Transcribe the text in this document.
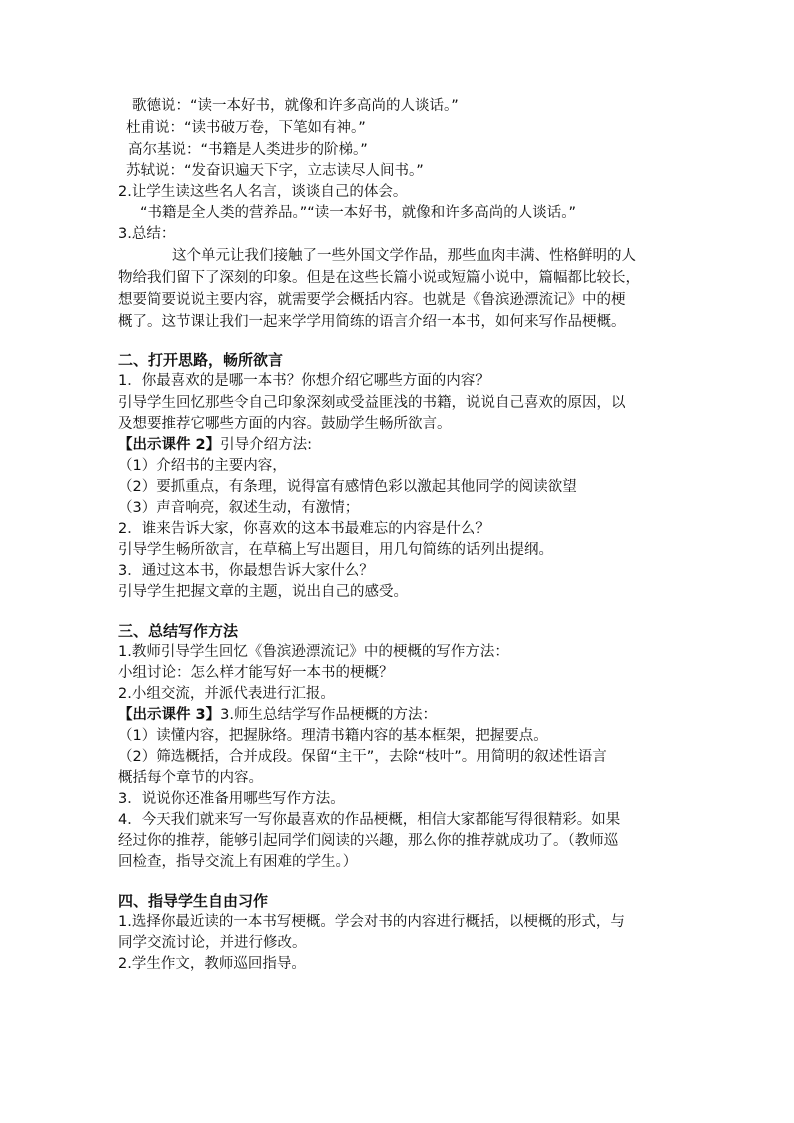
歌德说：“读一本好书，就像和许多高尚的人谈话。”

杜甫说：“读书破万卷，下笔如有神。”

高尔基说：“书籍是人类进步的阶梯。”

苏轼说：“发奋识遍天下字，立志读尽人间书。”

2.让学生读这些名人名言，谈谈自己的体会。

“书籍是全人类的营养品。”“读一本好书，就像和许多高尚的人谈话。”

3.总结：

这个单元让我们接触了一些外国文学作品，那些血肉丰满、性格鲜明的人

物给我们留下了深刻的印象。但是在这些长篇小说或短篇小说中，篇幅都比较长，

想要简要说说主要内容，就需要学会概括内容。也就是《鲁滨逊漂流记》中的梗

概了。这节课让我们一起来学学用简练的语言介绍一本书，如何来写作品梗概。

二、打开思路，畅所欲言

1．你最喜欢的是哪一本书？你想介绍它哪些方面的内容？

引导学生回忆那些令自己印象深刻或受益匪浅的书籍，说说自己喜欢的原因，以

及想要推荐它哪些方面的内容。鼓励学生畅所欲言。

【出示课件 2】引导介绍方法:

（1）介绍书的主要内容，

（2）要抓重点，有条理，说得富有感情色彩以激起其他同学的阅读欲望

（3）声音响亮，叙述生动，有激情；

2．谁来告诉大家，你喜欢的这本书最难忘的内容是什么？

引导学生畅所欲言，在草稿上写出题目，用几句简练的话列出提纲。

3．通过这本书，你最想告诉大家什么？

引导学生把握文章的主题，说出自己的感受。

三、总结写作方法

1.教师引导学生回忆《鲁滨逊漂流记》中的梗概的写作方法：

小组讨论：怎么样才能写好一本书的梗概？

2.小组交流，并派代表进行汇报。

【出示课件 3】3.师生总结学写作品梗概的方法：

（1）读懂内容，把握脉络。理清书籍内容的基本框架，把握要点。

（2）筛选概括，合并成段。保留“主干”，去除“枝叶”。用简明的叙述性语言

概括每个章节的内容。

3．说说你还准备用哪些写作方法。

4．今天我们就来写一写你最喜欢的作品梗概，相信大家都能写得很精彩。如果

经过你的推荐，能够引起同学们阅读的兴趣，那么你的推荐就成功了。（教师巡

回检查，指导交流上有困难的学生。）

四、指导学生自由习作

1.选择你最近读的一本书写梗概。学会对书的内容进行概括，以梗概的形式，与

同学交流讨论，并进行修改。

2.学生作文，教师巡回指导。
